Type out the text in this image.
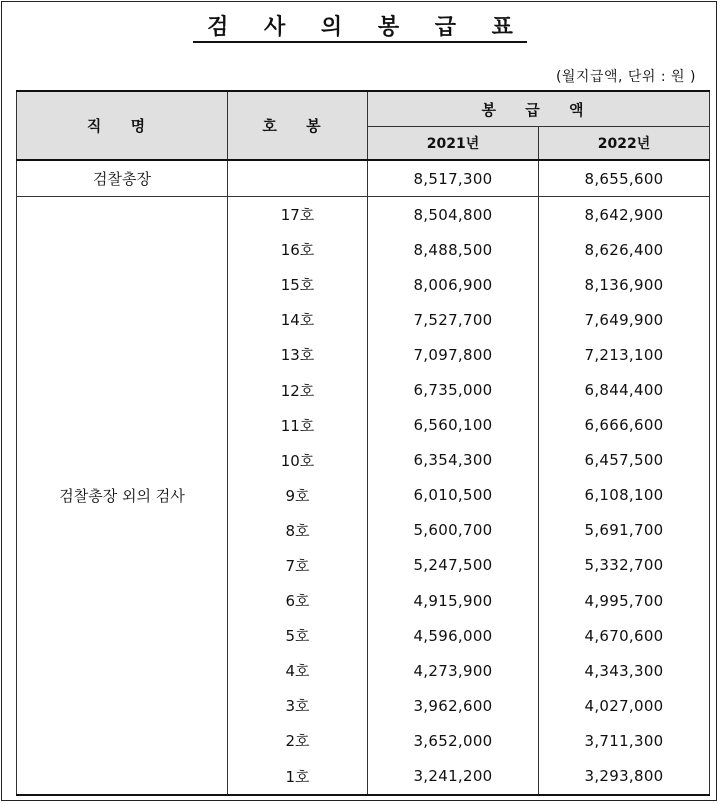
검 사 의 봉 급 표
(월지급액, 단위 : 원 )
직 명	호 봉	봉 급 액	
		2021년	2022년
검찰총장		8,517,300	8,655,600
검찰총장 외의 검사	17호	8,504,800	8,642,900
	16호	8,488,500	8,626,400
	15호	8,006,900	8,136,900
	14호	7,527,700	7,649,900
	13호	7,097,800	7,213,100
	12호	6,735,000	6,844,400
	11호	6,560,100	6,666,600
	10호	6,354,300	6,457,500
	9호	6,010,500	6,108,100
	8호	5,600,700	5,691,700
	7호	5,247,500	5,332,700
	6호	4,915,900	4,995,700
	5호	4,596,000	4,670,600
	4호	4,273,900	4,343,300
	3호	3,962,600	4,027,000
	2호	3,652,000	3,711,300
	1호	3,241,200	3,293,800
